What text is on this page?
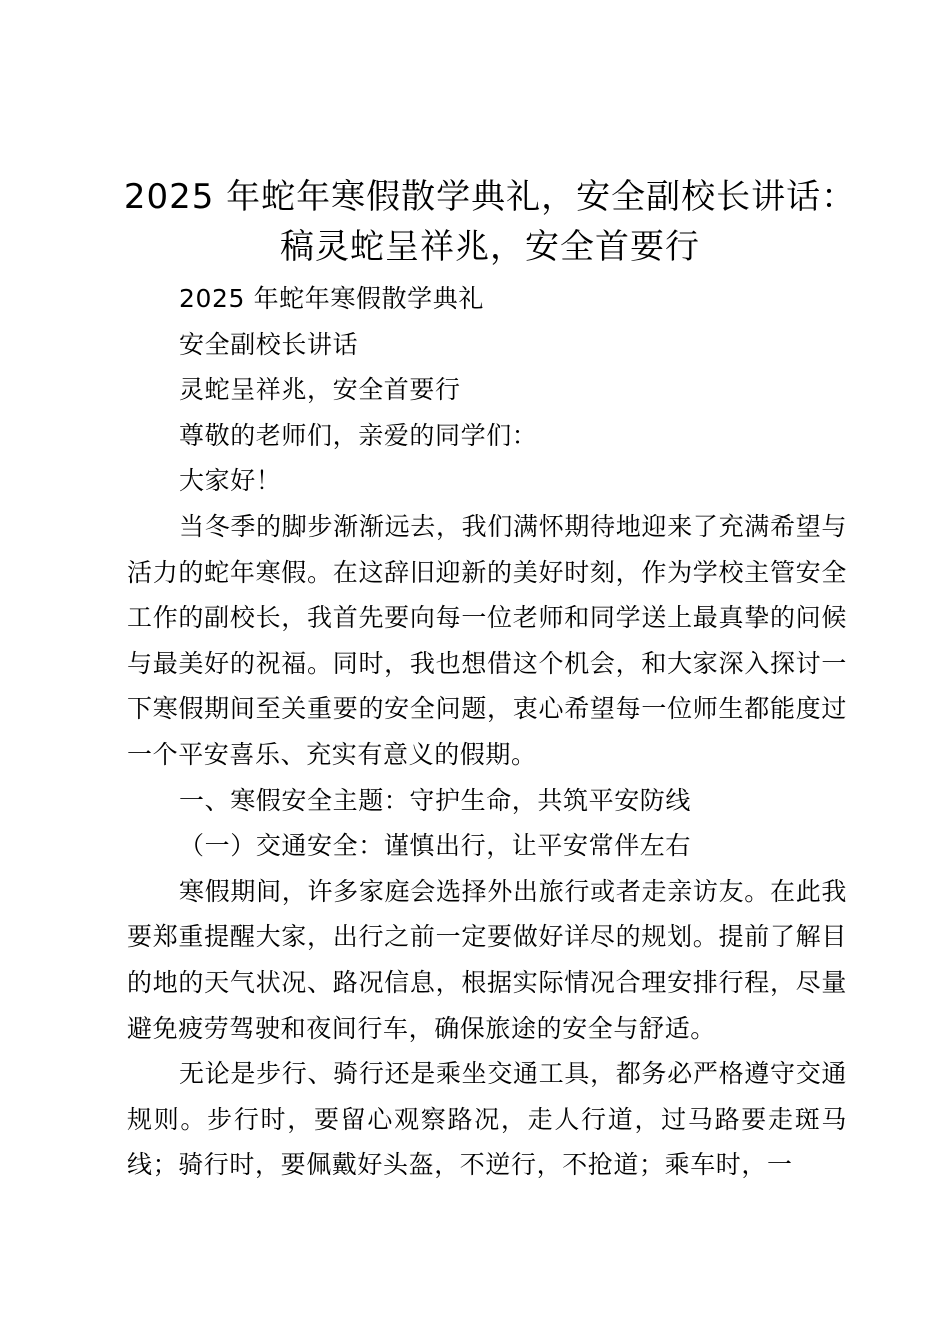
2025 年蛇年寒假散学典礼，安全副校长讲话：
稿灵蛇呈祥兆，安全首要行

2025 年蛇年寒假散学典礼

安全副校长讲话

灵蛇呈祥兆，安全首要行

尊敬的老师们，亲爱的同学们：

大家好！

当冬季的脚步渐渐远去，我们满怀期待地迎来了充满希望与活力的蛇年寒假。在这辞旧迎新的美好时刻，作为学校主管安全工作的副校长，我首先要向每一位老师和同学送上最真挚的问候与最美好的祝福。同时，我也想借这个机会，和大家深入探讨一下寒假期间至关重要的安全问题，衷心希望每一位师生都能度过一个平安喜乐、充实有意义的假期。

一、寒假安全主题：守护生命，共筑平安防线

（一）交通安全：谨慎出行，让平安常伴左右

寒假期间，许多家庭会选择外出旅行或者走亲访友。在此我要郑重提醒大家，出行之前一定要做好详尽的规划。提前了解目的地的天气状况、路况信息，根据实际情况合理安排行程，尽量避免疲劳驾驶和夜间行车，确保旅途的安全与舒适。

无论是步行、骑行还是乘坐交通工具，都务必严格遵守交通规则。步行时，要留心观察路况，走人行道，过马路要走斑马线；骑行时，要佩戴好头盔，不逆行，不抢道；乘车时，一
